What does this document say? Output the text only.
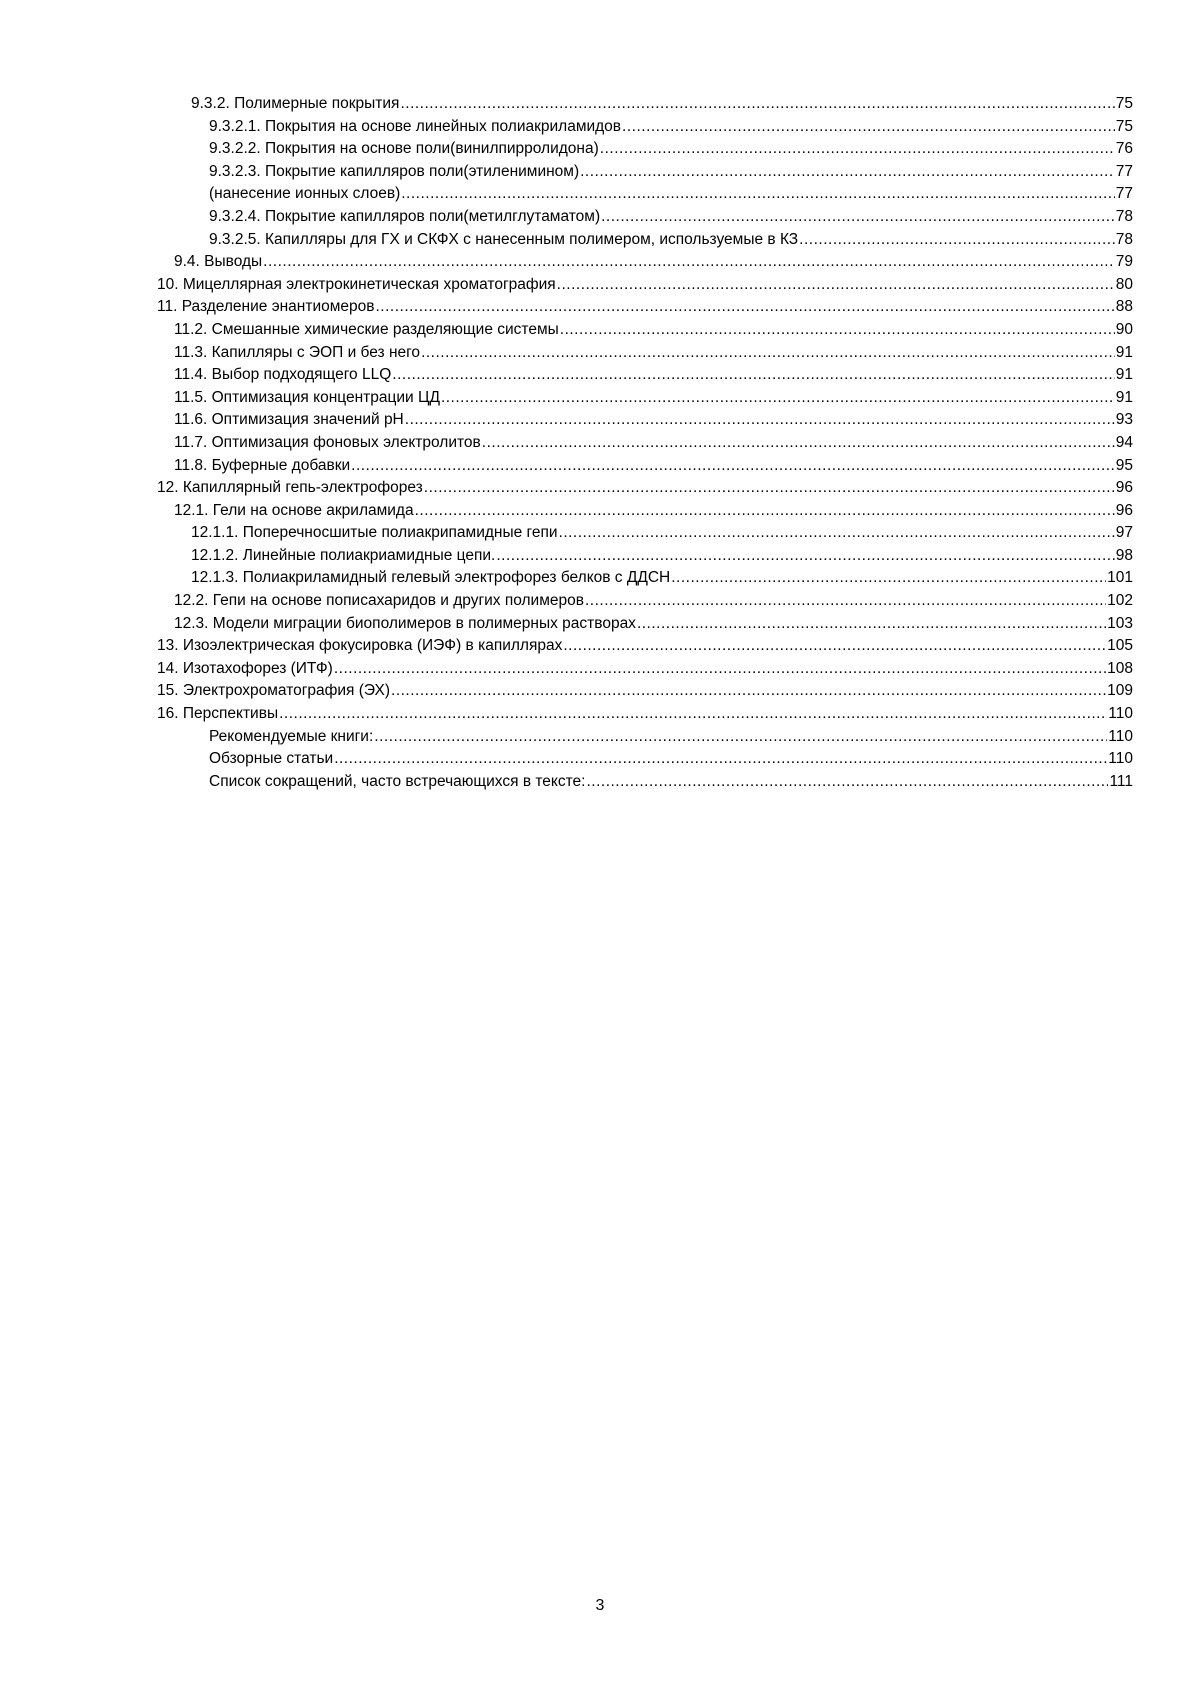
9.3.2. Полимерные покрытия .....	75
9.3.2.1. Покрытия на основе линейных полиакриламидов .....	75
9.3.2.2. Покрытия на основе поли(винилпирролидона) .....	76
9.3.2.3. Покрытие капилляров поли(этиленимином) .....	77
(нанесение ионных слоев) .....	77
9.3.2.4. Покрытие капилляров поли(метилглутаматом) .....	78
9.3.2.5. Капилляры для ГХ и СКФХ с нанесенным полимером, используемые в КЗ .....	78
9.4. Выводы .....	79
10. Мицеллярная электрокинетическая хроматография .....	80
11. Разделение энантиомеров .....	88
11.2. Смешанные химические разделяющие системы .....	90
11.3. Капилляры с ЭОП и без него .....	91
11.4. Выбор подходящего LLQ .....	91
11.5. Оптимизация концентрации ЦД .....	91
11.6. Оптимизация значений pH .....	93
11.7. Оптимизация фоновых электролитов .....	94
11.8. Буферные добавки .....	95
12. Капиллярный гепь-электрофорез .....	96
12.1. Гели на основе акриламида .....	96
12.1.1. Поперечносшитые полиакрипамидные гепи .....	97
12.1.2. Линейные полиакриамидные цепи. .....	98
12.1.3. Полиакриламидный гелевый электрофорез белков с ДДСН .....	101
12.2. Гепи на основе пописахаридов и других полимеров .....	102
12.3. Модели миграции биополимеров в полимерных растворах .....	103
13. Изоэлектрическая фокусировка (ИЭФ) в капиллярах .....	105
14. Изотахофорез (ИТФ) .....	108
15. Электрохроматография (ЭХ) .....	109
16. Перспективы .....	110
Рекомендуемые книги: .....	110
Обзорные статьи .....	110
Список сокращений, часто встречающихся в тексте: .....	111
3
